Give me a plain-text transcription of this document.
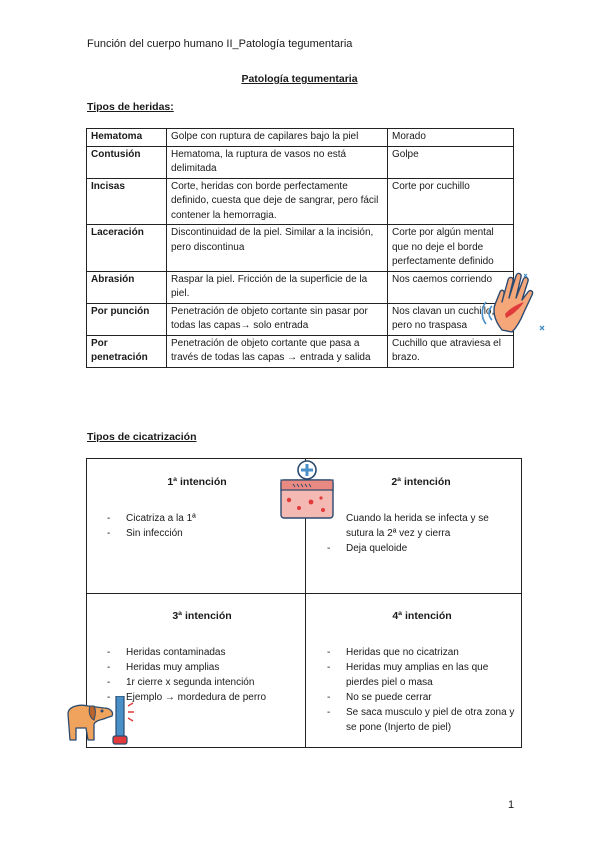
Función del cuerpo humano II_Patología tegumentaria
Patología tegumentaria
Tipos de heridas:
Hematoma	Golpe con ruptura de capilares bajo la piel	Morado
Contusión	Hematoma, la ruptura de vasos no está delimitada	Golpe
Incisas	Corte, heridas con borde perfectamente definido, cuesta que deje de sangrar, pero fácil contener la hemorragia.	Corte por cuchillo
Laceración	Discontinuidad de la piel. Similar a la incisión, pero discontinua	Corte por algún mental que no deje el borde perfectamente definido
Abrasión	Raspar la piel. Fricción de la superficie de la piel.	Nos caemos corriendo
Por punción	Penetración de objeto cortante sin pasar por todas las capas→ solo entrada	Nos clavan un cuchillo, pero no traspasa
Por penetración	Penetración de objeto cortante que pasa a través de todas las capas → entrada y salida	Cuchillo que atraviesa el brazo.
Tipos de cicatrización
1ª intención
- Cicatriza a la 1ª
- Sin infección
2ª intención
- Cuando la herida se infecta y se sutura la 2ª vez y cierra
- Deja queloide
3ª intención
- Heridas contaminadas
- Heridas muy amplias
- 1r cierre x segunda intención
- Ejemplo → mordedura de perro
4ª intención
- Heridas que no cicatrizan
- Heridas muy amplias en las que pierdes piel o masa
- No se puede cerrar
- Se saca musculo y piel de otra zona y se pone (Injerto de piel)
1
